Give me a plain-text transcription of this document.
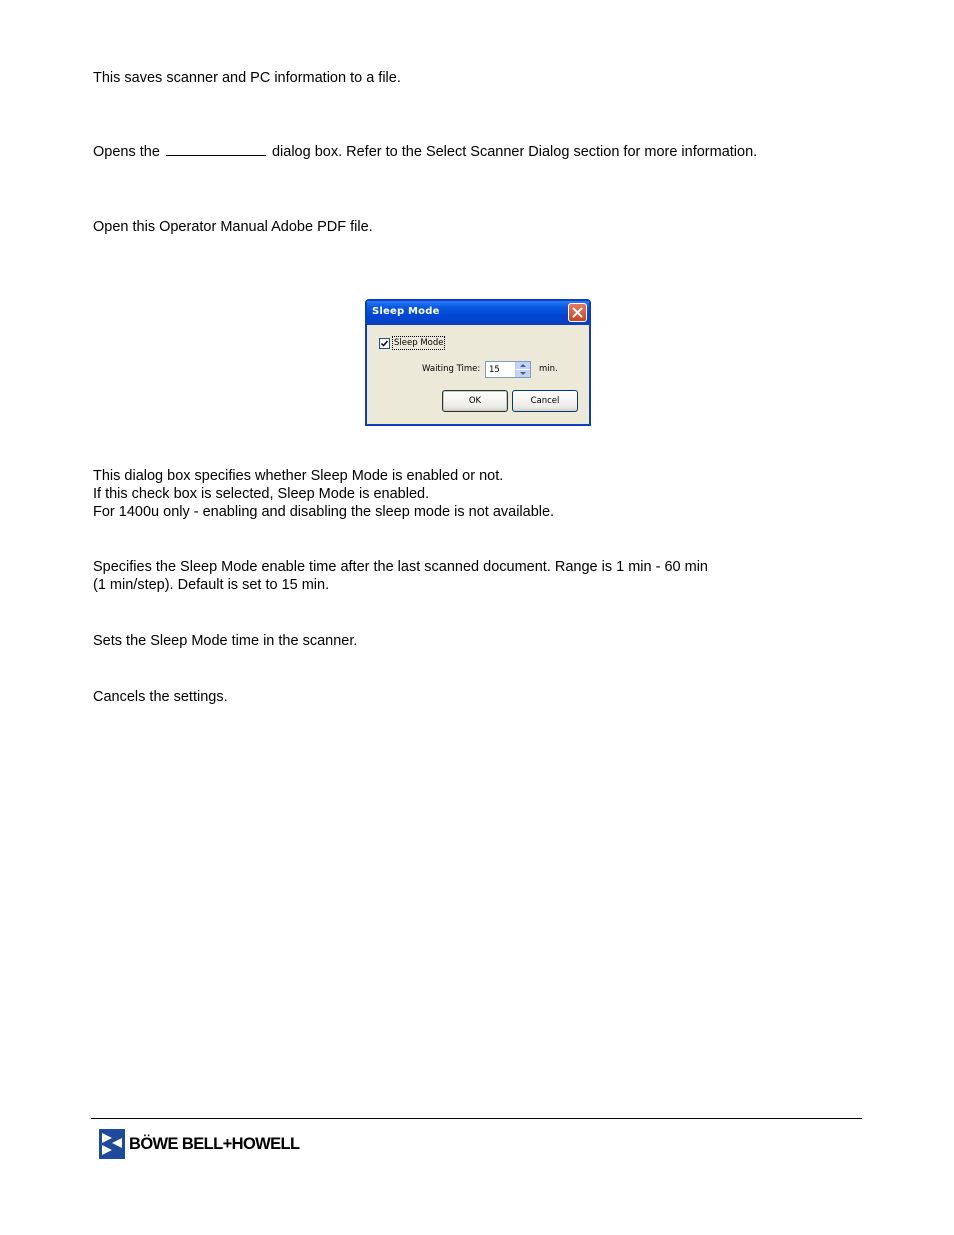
This saves scanner and PC information to a file.

Opens the	dialog box. Refer to the Select Scanner Dialog section for more information.

Open this Operator Manual Adobe PDF file.

Sleep Mode
Sleep Mode
Waiting Time: 15	min.
OK	Cancel

This dialog box specifies whether Sleep Mode is enabled or not.

If this check box is selected, Sleep Mode is enabled.

For 1400u only - enabling and disabling the sleep mode is not available.

Specifies the Sleep Mode enable time after the last scanned document. Range is 1 min - 60 min

(1 min/step). Default is set to 15 min.

Sets the Sleep Mode time in the scanner.

Cancels the settings.

BÖWE BELL+HOWELL
